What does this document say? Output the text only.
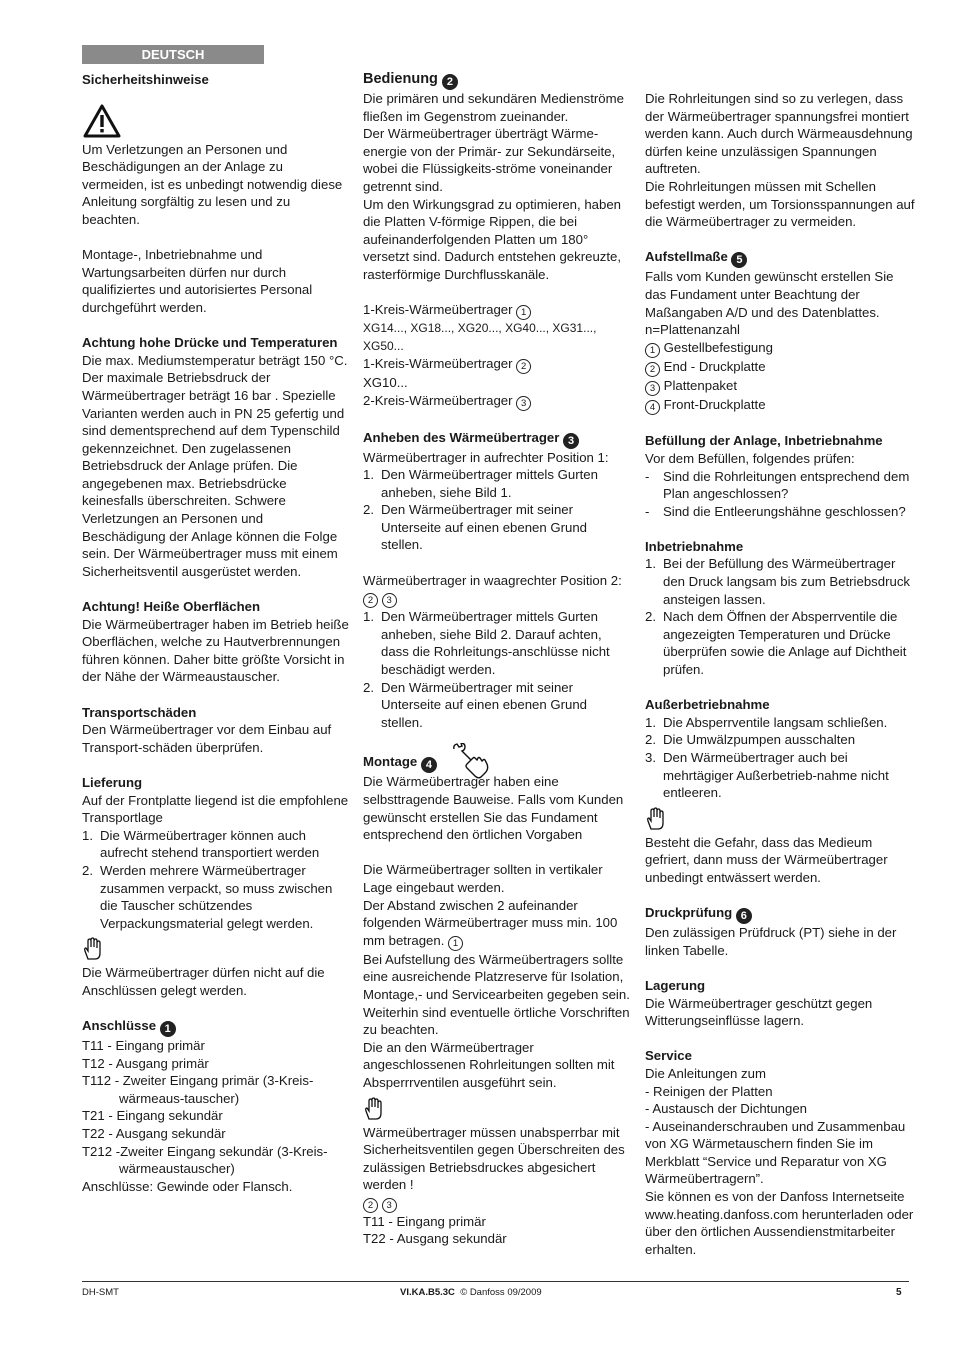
DEUTSCH
Sicherheitshinweise

Um Verletzungen an Personen und Beschädigungen an der Anlage zu vermeiden, ist es unbedingt notwendig diese Anleitung sorgfältig zu lesen und zu beachten.

Montage-, Inbetriebnahme und Wartungsarbeiten dürfen nur durch qualifiziertes und autorisiertes Personal durchgeführt werden.

Achtung hohe Drücke und Temperaturen

Die max. Mediumstemperatur beträgt 150 °C. Der maximale Betriebsdruck der Wärmeübertrager beträgt 16 bar . Spezielle Varianten werden auch in PN 25 gefertig und sind dementsprechend auf dem Typenschild gekennzeichnet. Den zugelassenen Betriebsdruck der Anlage prüfen. Die angegebenen max. Betriebsdrücke keinesfalls überschreiten. Schwere Verletzungen an Personen und Beschädigung der Anlage können die Folge sein. Der Wärmeübertrager muss mit einem Sicherheitsventil ausgerüstet werden.

Achtung! Heiße Oberflächen

Die Wärmeübertrager haben im Betrieb heiße Oberflächen, welche zu Hautverbrennungen führen können. Daher bitte größte Vorsicht in der Nähe der Wärmeaustauscher.

Transportschäden

Den Wärmeübertrager vor dem Einbau auf Transport-schäden überprüfen.

Lieferung

Auf der Frontplatte liegend ist die empfohlene Transportlage

1. Die Wärmeübertrager können auch aufrecht stehend transportiert werden
2. Werden mehrere Wärmeübertrager zusammen verpackt, so muss zwischen die Tauscher schützendes Verpackungsmaterial gelegt werden.

Die Wärmeübertrager dürfen nicht auf die Anschlüssen gelegt werden.

Anschlüsse 1

T11 - Eingang primär

T12 - Ausgang primär

T112 - Zweiter Eingang primär (3-Kreis-wärmeaus-tauscher)

T21 - Eingang sekundär

T22 - Ausgang sekundär

T212 -Zweiter Eingang sekundär (3-Kreis-wärmeaustauscher)

Anschlüsse: Gewinde oder Flansch.

Bedienung 2

Die primären und sekundären Medienströme fließen im Gegenstrom zueinander.

Der Wärmeübertrager überträgt Wärme-energie von der Primär- zur Sekundärseite, wobei die Flüssigkeits-ströme voneinander getrennt sind.

Um den Wirkungsgrad zu optimieren, haben die Platten V-förmige Rippen, die bei aufeinanderfolgenden Platten um 180° versetzt sind. Dadurch entstehen gekreuzte, rasterförmige Durchflusskanäle.

1-Kreis-Wärmeübertrager 1

XG14..., XG18..., XG20..., XG40..., XG31..., XG50...

1-Kreis-Wärmeübertrager 2

XG10...

2-Kreis-Wärmeübertrager 3

Anheben des Wärmeübertrager 3

Wärmeübertrager in aufrechter Position 1:

1. Den Wärmeübertrager mittels Gurten anheben, siehe Bild 1.
2. Den Wärmeübertrager mit seiner Unterseite auf einen ebenen Grund stellen.

Wärmeübertrager in waagrechter Position 2: 2 3

1. Den Wärmeübertrager mittels Gurten anheben, siehe Bild 2. Darauf achten, dass die Rohrleitungs-anschlüsse nicht beschädigt werden.
2. Den Wärmeübertrager mit seiner Unterseite auf einen ebenen Grund stellen.
Montage 4

Die Wärmeübertrager haben eine selbsttragende Bauweise. Falls vom Kunden gewünscht erstellen Sie das Fundament entsprechend den örtlichen Vorgaben

Die Wärmeübertrager sollten in vertikaler Lage eingebaut werden.

Der Abstand zwischen 2 aufeinander folgenden Wärmeübertrager muss min. 100 mm betragen. 1

Bei Aufstellung des Wärmeübertragers sollte eine ausreichende Platzreserve für Isolation, Montage,- und Servicearbeiten gegeben sein. Weiterhin sind eventuelle örtliche Vorschriften zu beachten.

Die an den Wärmeübertrager angeschlossenen Rohrleitungen sollten mit Absperrrventilen ausgeführt sein.

Wärmeübertrager müssen unabsperrbar mit Sicherheitsventilen gegen Überschreiten des zulässigen Betriebsdruckes abgesichert werden !

2 3

T11 - Eingang primär

T22 - Ausgang sekundär

Die Rohrleitungen sind so zu verlegen, dass der Wärmeübertrager spannungsfrei montiert werden kann. Auch durch Wärmeausdehnung dürfen keine unzulässigen Spannungen auftreten.

Die Rohrleitungen müssen mit Schellen befestigt werden, um Torsionsspannungen auf die Wärmeübertrager zu vermeiden.

Aufstellmaße 5

Falls vom Kunden gewünscht erstellen Sie das Fundament unter Beachtung der Maßangaben A/D und des Datenblattes.

n=Plattenanzahl

1 Gestellbefestigung

2 End - Druckplatte

3 Plattenpaket

4 Front-Druckplatte

Befüllung der Anlage, Inbetriebnahme

Vor dem Befüllen, folgendes prüfen:

- Sind die Rohrleitungen entsprechend dem Plan angeschlossen?
- Sind die Entleerungshähne geschlossen?
Inbetriebnahme
1. Bei der Befüllung des Wärmeübertrager den Druck langsam bis zum Betriebsdruck ansteigen lassen.
2. Nach dem Öffnen der Absperrventile die angezeigten Temperaturen und Drücke überprüfen sowie die Anlage auf Dichtheit prüfen.
Außerbetriebnahme
1. Die Absperrventile langsam schließen.
2. Die Umwälzpumpen ausschalten
3. Den Wärmeübertrager auch bei mehrtägiger Außerbetrieb-nahme nicht entleeren.

Besteht die Gefahr, dass das Medieum gefriert, dann muss der Wärmeübertrager unbedingt entwässert werden.

Druckprüfung 6

Den zulässigen Prüfdruck (PT) siehe in der linken Tabelle.

Lagerung

Die Wärmeübertrager geschützt gegen Witterungseinflüsse lagern.

Service

Die Anleitungen zum

- Reinigen der Platten

- Austausch der Dichtungen

- Auseinanderschrauben und Zusammenbau von XG Wärmetauschern finden Sie im Merkblatt “Service und Reparatur von XG Wärmeübertragern”.

Sie können es von der Danfoss Internetseite www.heating.danfoss.com herunterladen oder über den örtlichen Aussendienstmitarbeiter erhalten.

DH-SMT	VI.KA.B5.3C © Danfoss 09/2009	5
